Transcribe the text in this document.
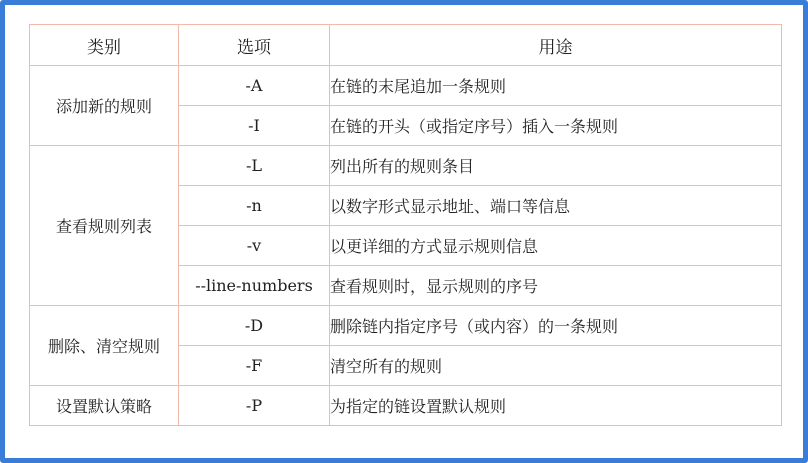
类别	选项	用途
添加新的规则	-A	在链的末尾追加一条规则
	-I	在链的开头（或指定序号）插入一条规则
查看规则列表	-L	列出所有的规则条目
	-n	以数字形式显示地址、端口等信息
	-v	以更详细的方式显示规则信息
	--line-numbers	查看规则时，显示规则的序号
删除、清空规则	-D	删除链内指定序号（或内容）的一条规则
	-F	清空所有的规则
设置默认策略	-P	为指定的链设置默认规则
